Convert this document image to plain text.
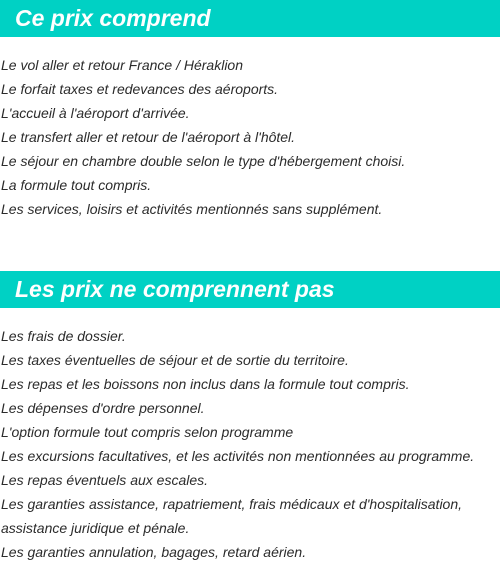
Ce prix comprend
Le vol aller et retour France / Héraklion
Le forfait taxes et redevances des aéroports.
L'accueil à l'aéroport d'arrivée.
Le transfert aller et retour de l'aéroport à l'hôtel.
Le séjour en chambre double selon le type d'hébergement choisi.
La formule tout compris.
Les services, loisirs et activités mentionnés sans supplément.
Les prix ne comprennent pas
Les frais de dossier.
Les taxes éventuelles de séjour et de sortie du territoire.
Les repas et les boissons non inclus dans la formule tout compris.
Les dépenses d'ordre personnel.
L'option formule tout compris selon programme
Les excursions facultatives, et les activités non mentionnées au programme.
Les repas éventuels aux escales.
Les garanties assistance, rapatriement, frais médicaux et d'hospitalisation,
assistance juridique et pénale.
Les garanties annulation, bagages, retard aérien.
